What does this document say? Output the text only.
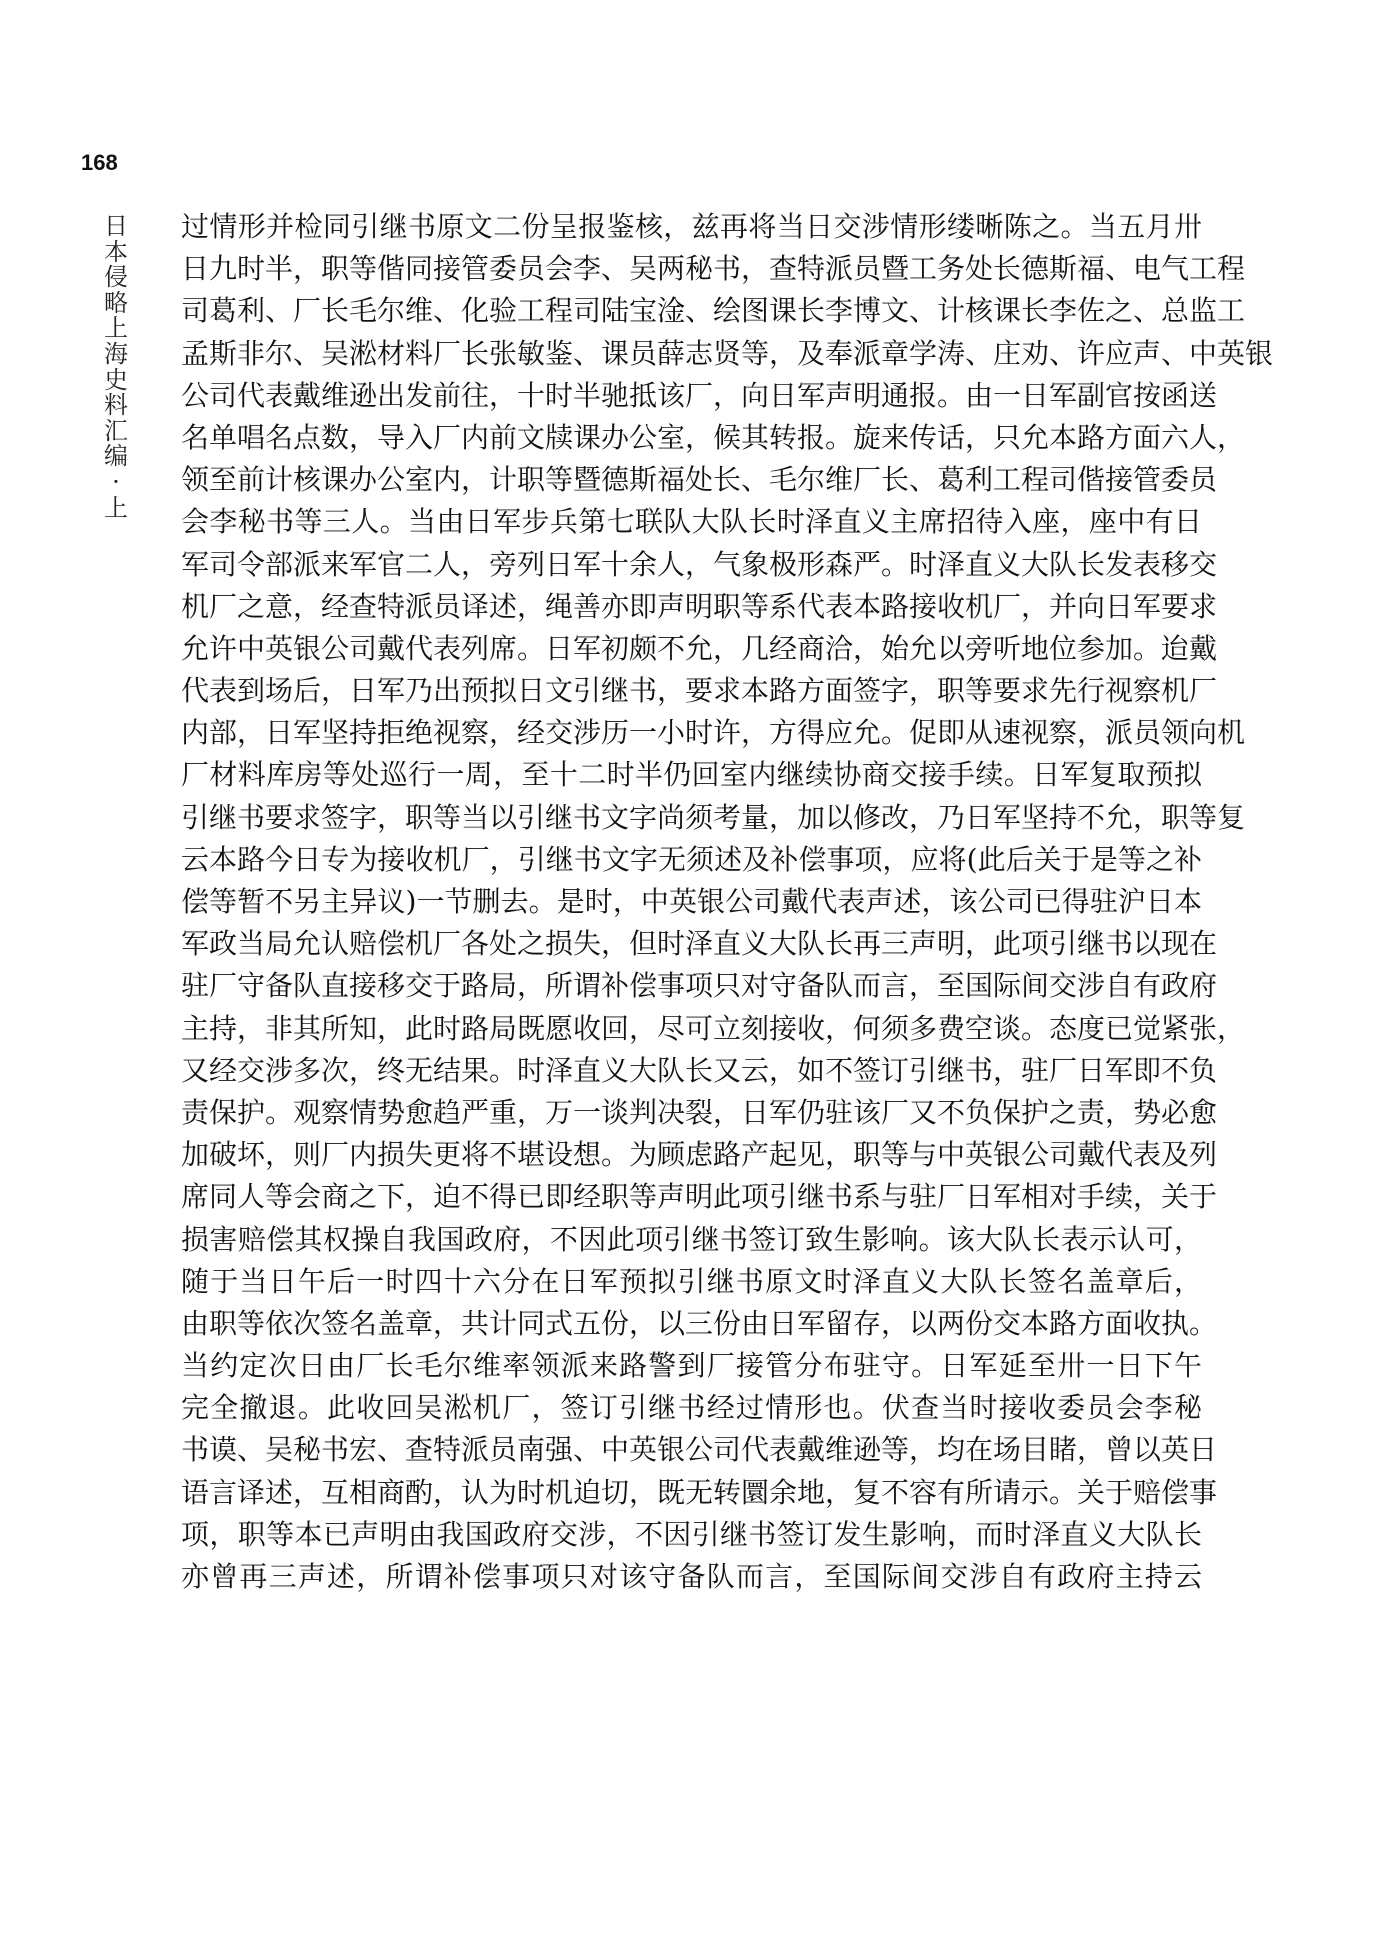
168
日本侵略上海史料汇编·上
过情形并检同引继书原文二份呈报鉴核，兹再将当日交涉情形缕晰陈之。当五月卅
日九时半，职等偕同接管委员会李、吴两秘书，查特派员暨工务处长德斯福、电气工程
司葛利、厂长毛尔维、化验工程司陆宝淦、绘图课长李博文、计核课长李佐之、总监工
孟斯非尔、吴淞材料厂长张敏鉴、课员薛志贤等，及奉派章学涛、庄劝、许应声、中英银
公司代表戴维逊出发前往，十时半驰抵该厂，向日军声明通报。由一日军副官按函送
名单唱名点数，导入厂内前文牍课办公室，候其转报。旋来传话，只允本路方面六人，
领至前计核课办公室内，计职等暨德斯福处长、毛尔维厂长、葛利工程司偕接管委员
会李秘书等三人。当由日军步兵第七联队大队长时泽直义主席招待入座，座中有日
军司令部派来军官二人，旁列日军十余人，气象极形森严。时泽直义大队长发表移交
机厂之意，经查特派员译述，绳善亦即声明职等系代表本路接收机厂，并向日军要求
允许中英银公司戴代表列席。日军初颇不允，几经商洽，始允以旁听地位参加。迨戴
代表到场后，日军乃出预拟日文引继书，要求本路方面签字，职等要求先行视察机厂
内部，日军坚持拒绝视察，经交涉历一小时许，方得应允。促即从速视察，派员领向机
厂材料库房等处巡行一周，至十二时半仍回室内继续协商交接手续。日军复取预拟
引继书要求签字，职等当以引继书文字尚须考量，加以修改，乃日军坚持不允，职等复
云本路今日专为接收机厂，引继书文字无须述及补偿事项，应将(此后关于是等之补
偿等暂不另主异议)一节删去。是时，中英银公司戴代表声述，该公司已得驻沪日本
军政当局允认赔偿机厂各处之损失，但时泽直义大队长再三声明，此项引继书以现在
驻厂守备队直接移交于路局，所谓补偿事项只对守备队而言，至国际间交涉自有政府
主持，非其所知，此时路局既愿收回，尽可立刻接收，何须多费空谈。态度已觉紧张，
又经交涉多次，终无结果。时泽直义大队长又云，如不签订引继书，驻厂日军即不负
责保护。观察情势愈趋严重，万一谈判决裂，日军仍驻该厂又不负保护之责，势必愈
加破坏，则厂内损失更将不堪设想。为顾虑路产起见，职等与中英银公司戴代表及列
席同人等会商之下，迫不得已即经职等声明此项引继书系与驻厂日军相对手续，关于
损害赔偿其权操自我国政府，不因此项引继书签订致生影响。该大队长表示认可，
随于当日午后一时四十六分在日军预拟引继书原文时泽直义大队长签名盖章后，
由职等依次签名盖章，共计同式五份，以三份由日军留存，以两份交本路方面收执。
当约定次日由厂长毛尔维率领派来路警到厂接管分布驻守。日军延至卅一日下午
完全撤退。此收回吴淞机厂，签订引继书经过情形也。伏查当时接收委员会李秘
书谟、吴秘书宏、查特派员南强、中英银公司代表戴维逊等，均在场目睹，曾以英日
语言译述，互相商酌，认为时机迫切，既无转圜余地，复不容有所请示。关于赔偿事
项，职等本已声明由我国政府交涉，不因引继书签订发生影响，而时泽直义大队长
亦曾再三声述，所谓补偿事项只对该守备队而言，至国际间交涉自有政府主持云
